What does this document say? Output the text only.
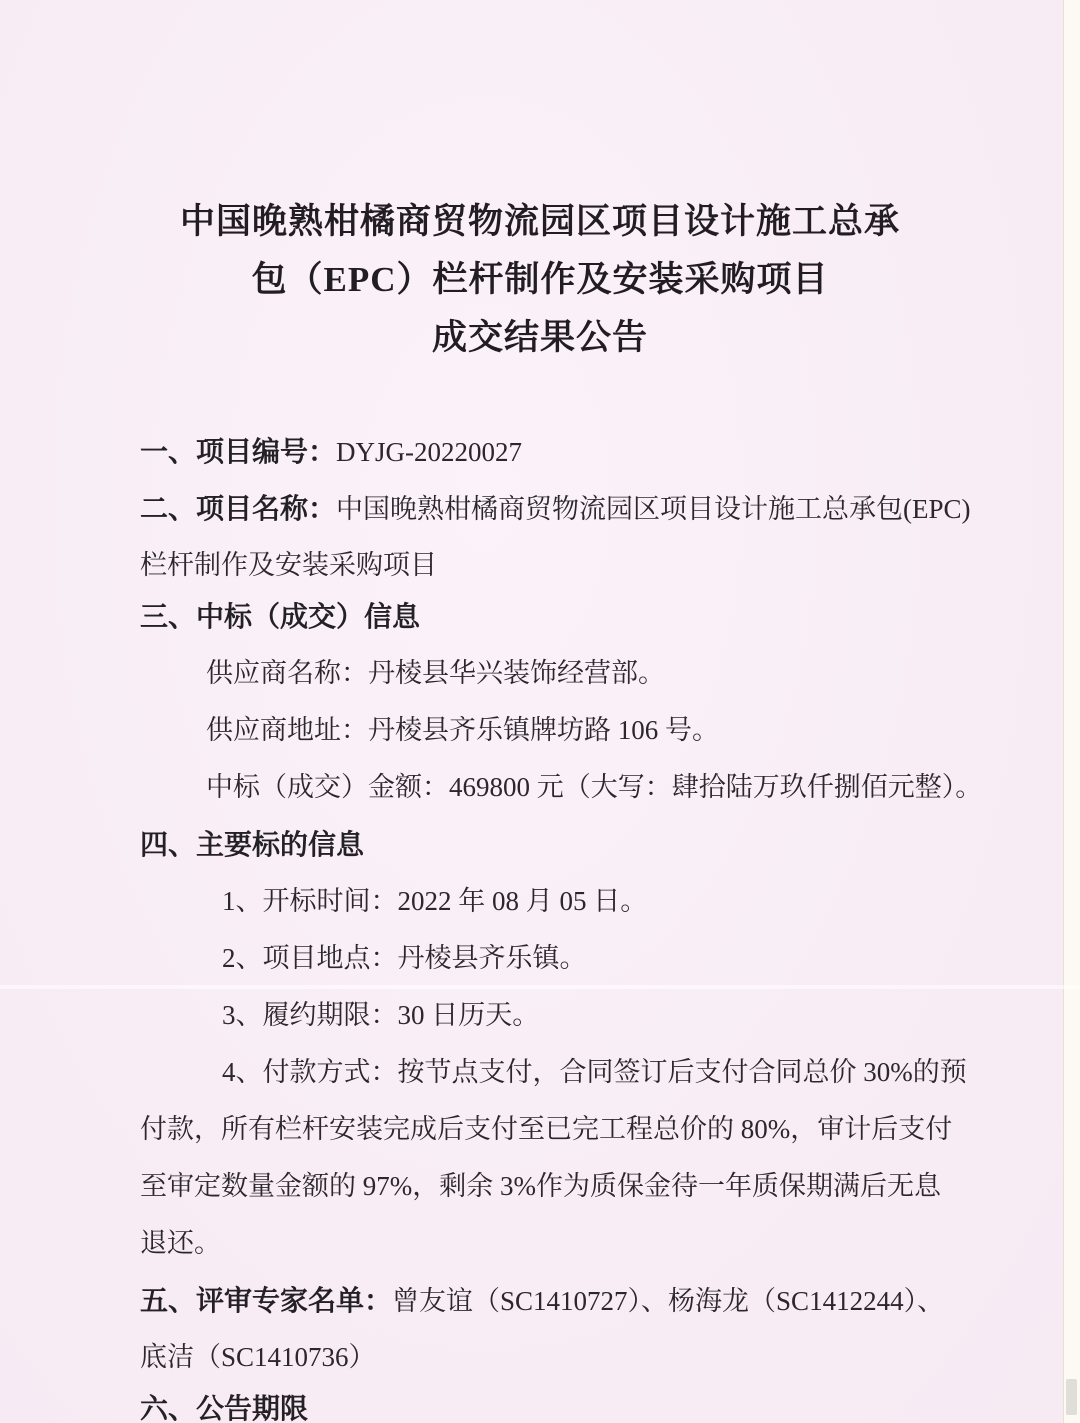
中国晚熟柑橘商贸物流园区项目设计施工总承
包（EPC）栏杆制作及安装采购项目
成交结果公告
一、项目编号：DYJG-20220027
二、项目名称：中国晚熟柑橘商贸物流园区项目设计施工总承包(EPC)
栏杆制作及安装采购项目
三、中标（成交）信息
供应商名称：丹棱县华兴装饰经营部。
供应商地址：丹棱县齐乐镇牌坊路 106 号。
中标（成交）金额：469800 元（大写：肆拾陆万玖仟捌佰元整）。
四、主要标的信息
1、开标时间：2022 年 08 月 05 日。
2、项目地点：丹棱县齐乐镇。
3、履约期限：30 日历天。
4、付款方式：按节点支付，合同签订后支付合同总价 30%的预
付款，所有栏杆安装完成后支付至已完工程总价的 80%，审计后支付
至审定数量金额的 97%，剩余 3%作为质保金待一年质保期满后无息
退还。
五、评审专家名单：曾友谊（SC1410727）、杨海龙（SC1412244）、
底洁（SC1410736）
六、公告期限
